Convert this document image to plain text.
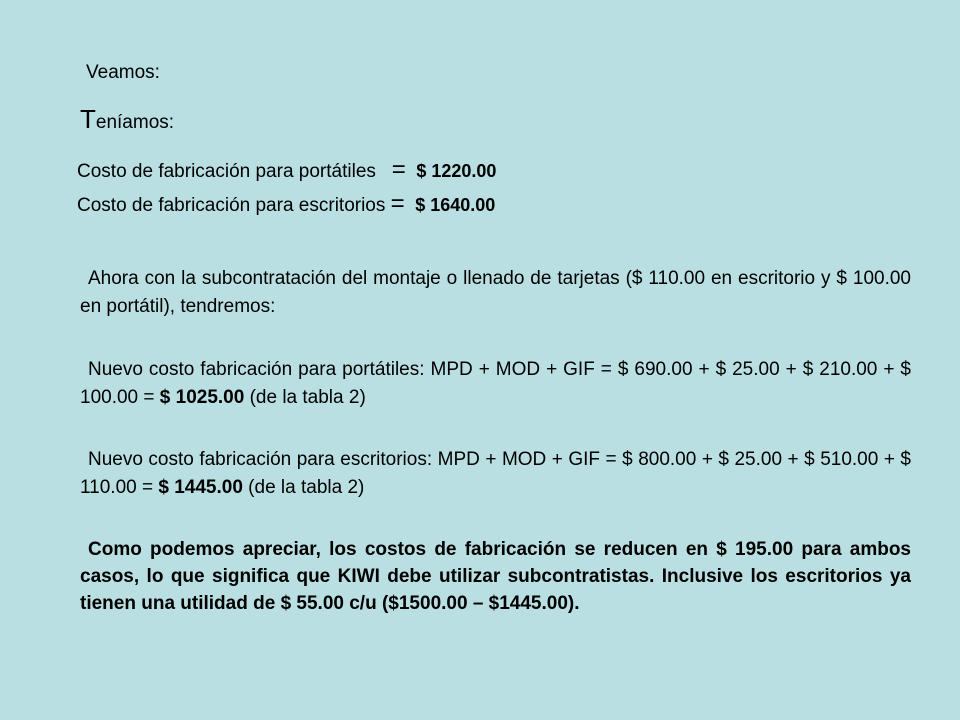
Veamos:

Teníamos:

Costo de fabricación para portátiles = $ 1220.00

Costo de fabricación para escritorios = $ 1640.00

Ahora con la subcontratación del montaje o llenado de tarjetas ($ 110.00 en escritorio y $ 100.00 en portátil), tendremos:

Nuevo costo fabricación para portátiles: MPD + MOD + GIF = $ 690.00 + $ 25.00 + $ 210.00 + $ 100.00 = $ 1025.00 (de la tabla 2)

Nuevo costo fabricación para escritorios: MPD + MOD + GIF = $ 800.00 + $ 25.00 + $ 510.00 + $ 110.00 = $ 1445.00 (de la tabla 2)

Como podemos apreciar, los costos de fabricación se reducen en $ 195.00 para ambos casos, lo que significa que KIWI debe utilizar subcontratistas. Inclusive los escritorios ya tienen una utilidad de $ 55.00 c/u ($1500.00 – $1445.00).
